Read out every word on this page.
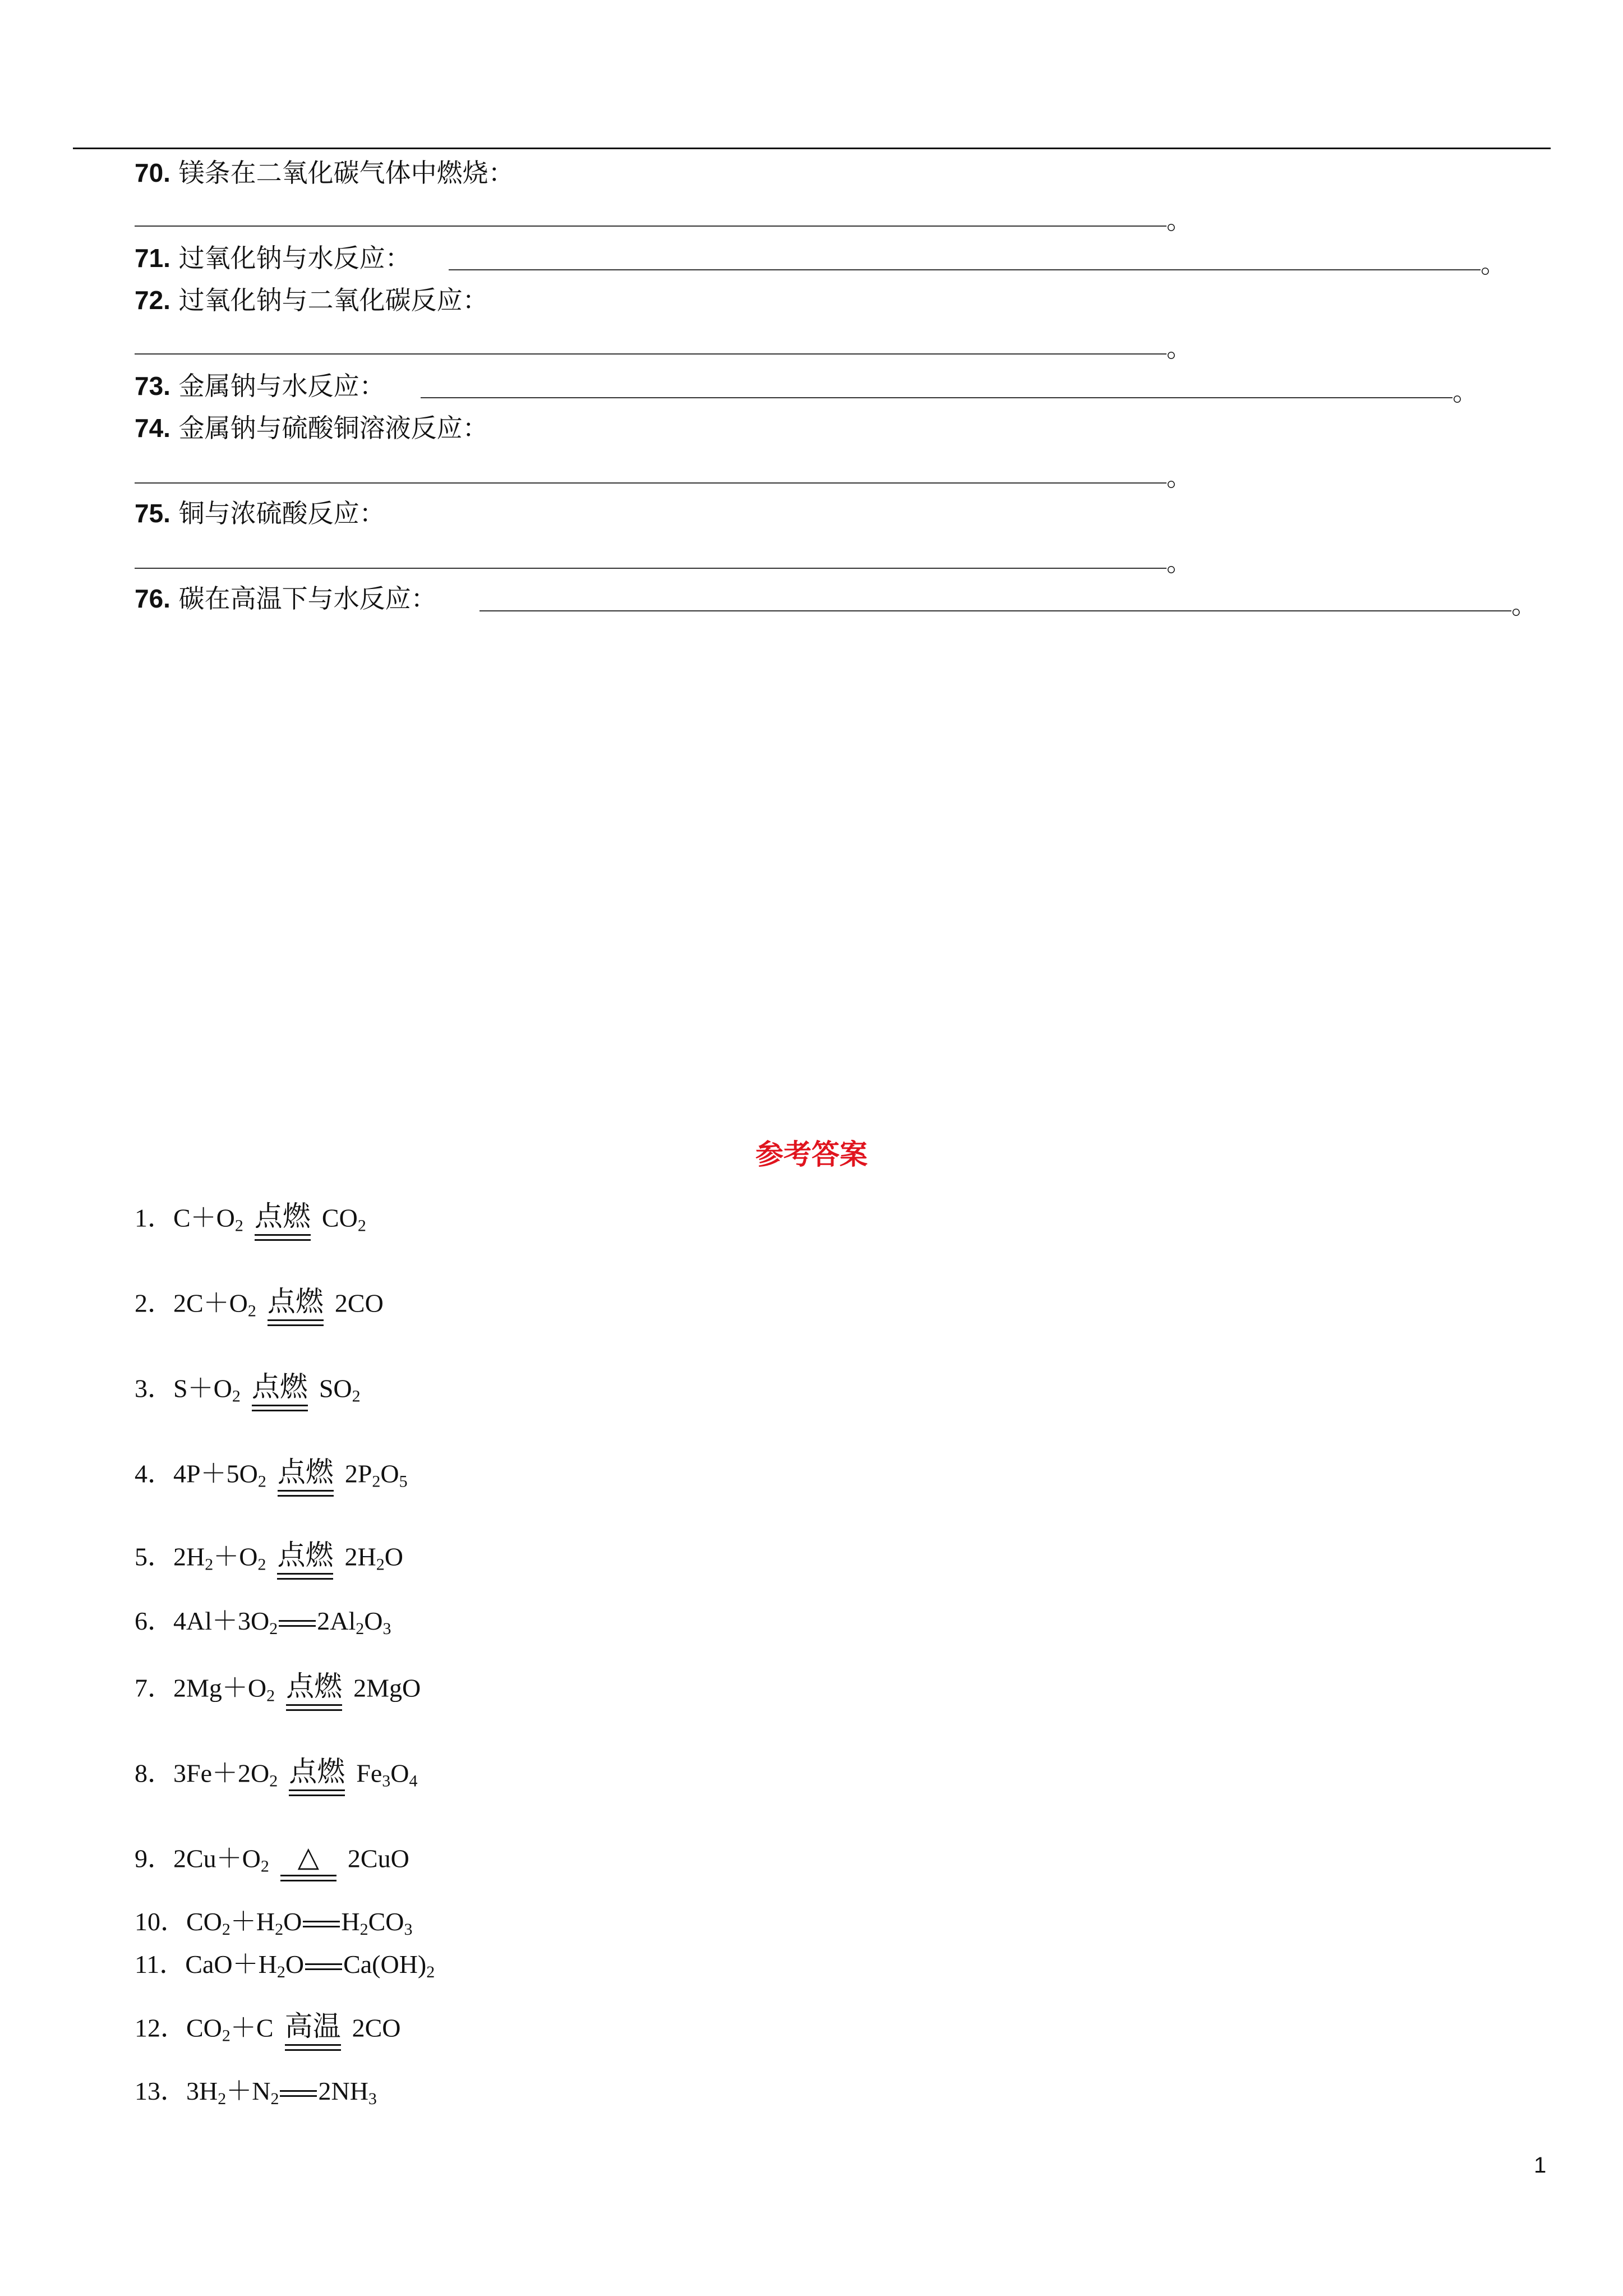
70. 镁条在二氧化碳气体中燃烧：
。
71. 过氧化钠与水反应：	。
72. 过氧化钠与二氧化碳反应：
。
73. 金属钠与水反应：	。
74. 金属钠与硫酸铜溶液反应：
。
75. 铜与浓硫酸反应：
。
76. 碳在高温下与水反应：	。
参考答案
1．$C+O_2$ 点燃 $CO_2$
2．$2C+O_2$ 点燃 2CO
3．$S+O_2$ 点燃 $SO_2$
4．$4P+5O_2$ 点燃 $2P_2O_5$
5．$2H_2+O_2$ 点燃 $2H_2O$
6．$4Al+3O_2$ $2Al_2O_3$
7．$2Mg+O_2$ 点燃 2MgO
8．$3Fe+2O_2$ 点燃 $Fe_3O_4$
9．$2Cu+O_2$	△	2CuO
10．$CO_2+H_2O$ $H_2CO_3$
11．$CaO+H_2O$ $Ca(OH)_2$
12．$CO_2+C$ 高温 2CO
13．$3H_2+N_2$ $2NH_3$
1
